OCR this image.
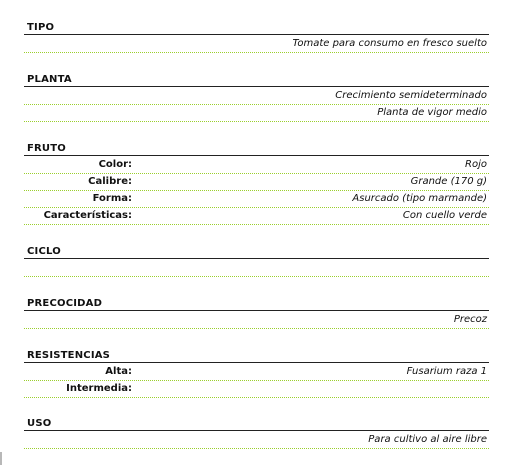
TIPO
Tomate para consumo en fresco suelto
PLANTA
Crecimiento semideterminado
Planta de vigor medio
FRUTO
Color:	Rojo
Calibre:	Grande (170 g)
Forma:	Asurcado (tipo marmande)
Características:	Con cuello verde
CICLO
PRECOCIDAD
Precoz
RESISTENCIAS
Alta:	Fusarium raza 1
Intermedia:
USO
Para cultivo al aire libre
